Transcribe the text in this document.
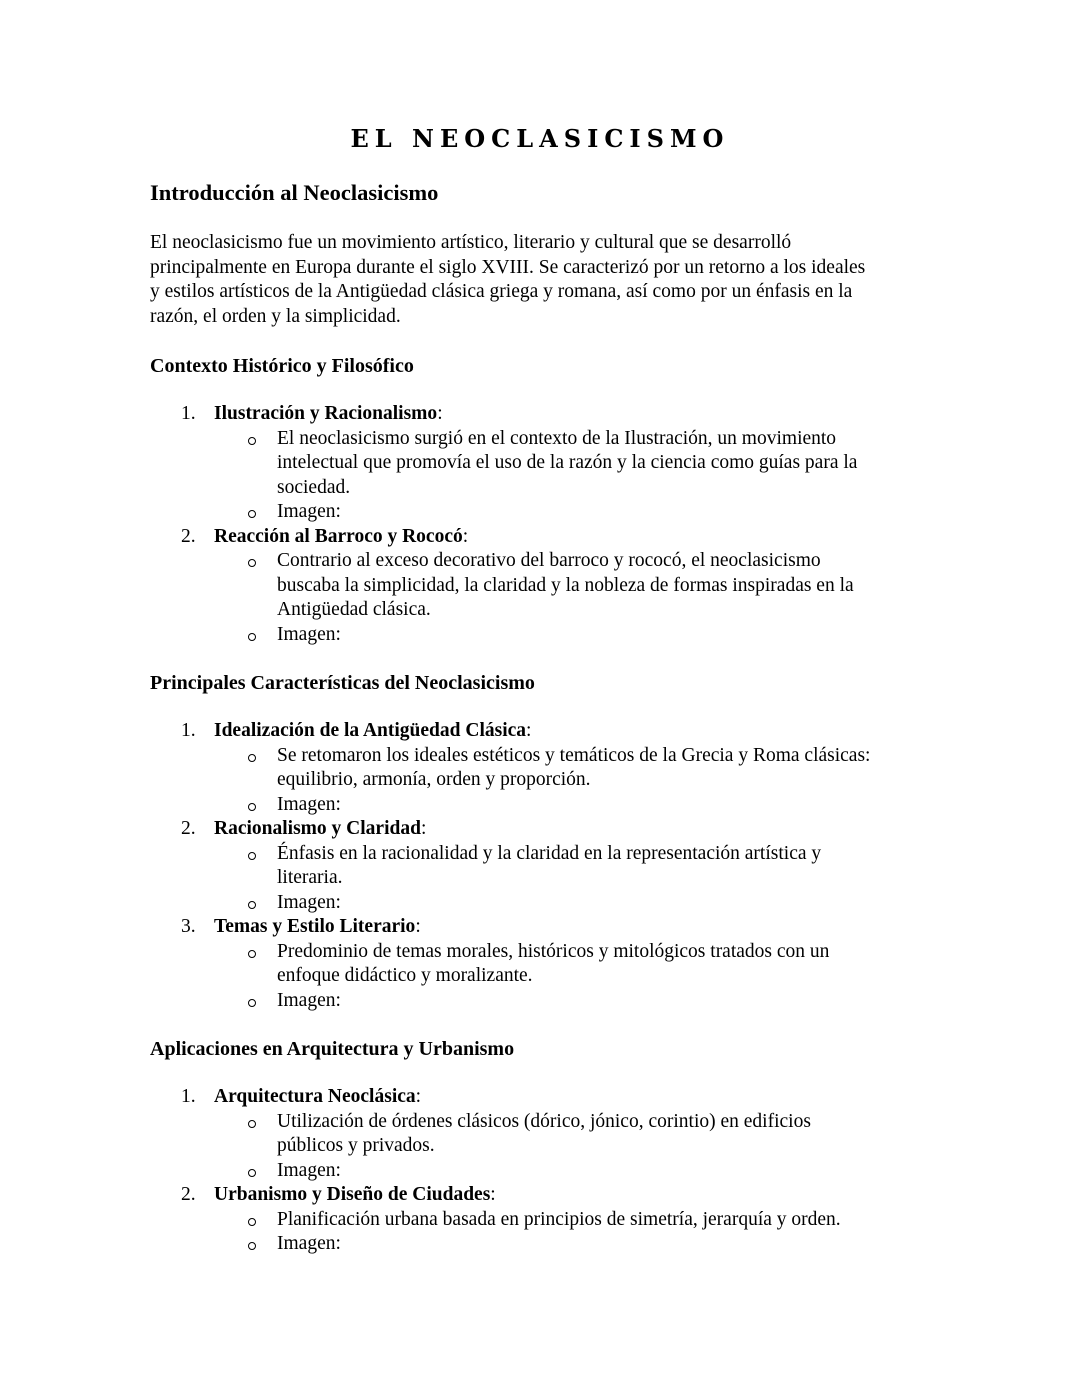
EL NEOCLASICISMO
Introducción al Neoclasicismo
El neoclasicismo fue un movimiento artístico, literario y cultural que se desarrolló
principalmente en Europa durante el siglo XVIII. Se caracterizó por un retorno a los ideales
y estilos artísticos de la Antigüedad clásica griega y romana, así como por un énfasis en la
razón, el orden y la simplicidad.
Contexto Histórico y Filosófico
1. Ilustración y Racionalismo:
El neoclasicismo surgió en el contexto de la Ilustración, un movimiento
intelectual que promovía el uso de la razón y la ciencia como guías para la
sociedad.
Imagen:
2. Reacción al Barroco y Rococó:
Contrario al exceso decorativo del barroco y rococó, el neoclasicismo
buscaba la simplicidad, la claridad y la nobleza de formas inspiradas en la
Antigüedad clásica.
Imagen:
Principales Características del Neoclasicismo
1. Idealización de la Antigüedad Clásica:
Se retomaron los ideales estéticos y temáticos de la Grecia y Roma clásicas:
equilibrio, armonía, orden y proporción.
Imagen:
2. Racionalismo y Claridad:
Énfasis en la racionalidad y la claridad en la representación artística y
literaria.
Imagen:
3. Temas y Estilo Literario:
Predominio de temas morales, históricos y mitológicos tratados con un
enfoque didáctico y moralizante.
Imagen:
Aplicaciones en Arquitectura y Urbanismo
1. Arquitectura Neoclásica:
Utilización de órdenes clásicos (dórico, jónico, corintio) en edificios
públicos y privados.
Imagen:
2. Urbanismo y Diseño de Ciudades:
Planificación urbana basada en principios de simetría, jerarquía y orden.
Imagen:
